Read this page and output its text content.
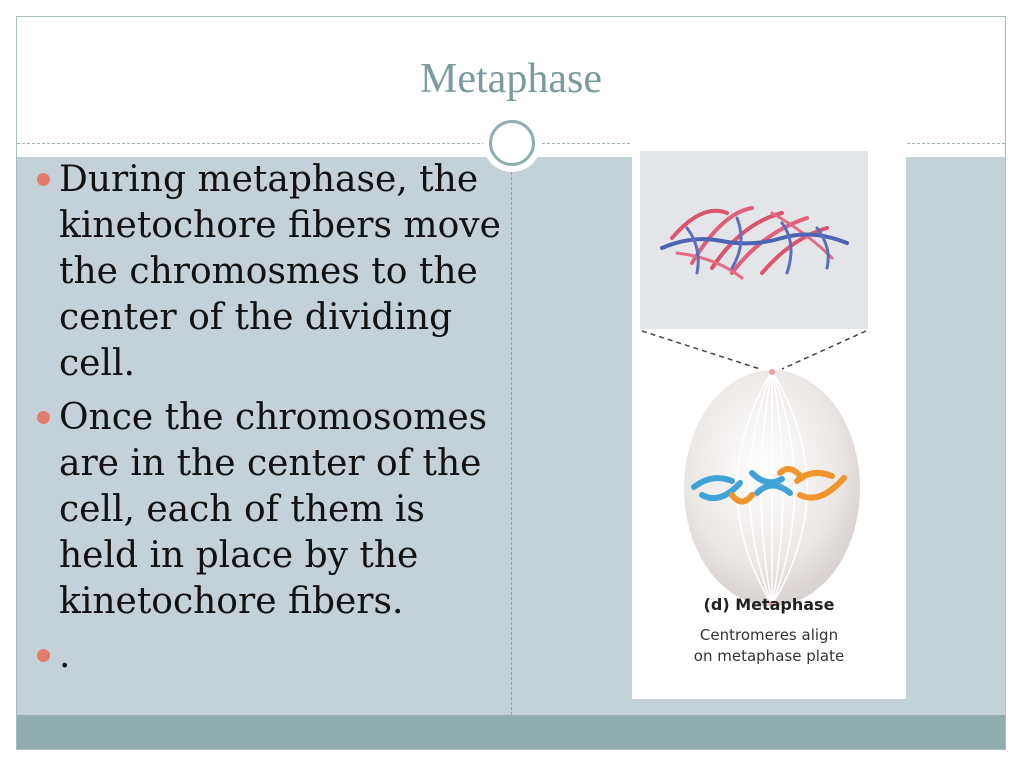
Metaphase
During metaphase, the kinetochore fibers move the chromosmes to the center of the dividing cell.
Once the chromosomes are in the center of the cell, each of them is held in place by the kinetochore fibers.
.
(d) Metaphase
Centromeres align
on metaphase plate
